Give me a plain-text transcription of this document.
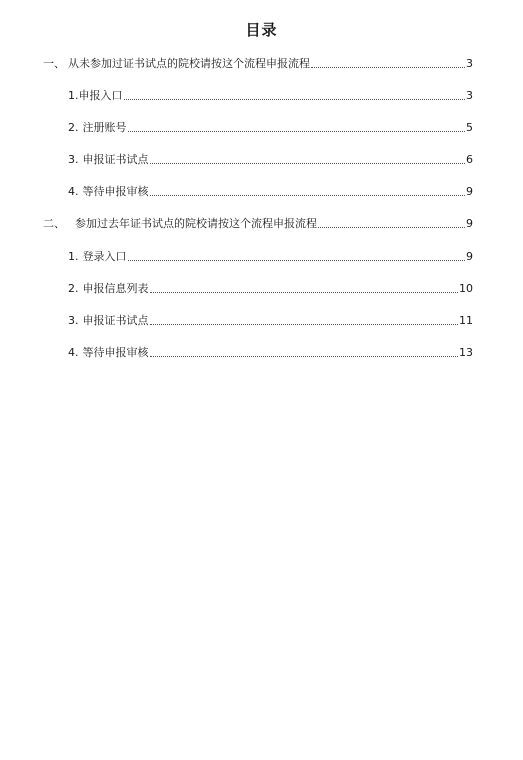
目录
一、 从未参加过证书试点的院校请按这个流程申报流程	3
1. 申报入口	3
2. 注册账号	5
3. 申报证书试点	6
4. 等待申报审核	9
二、 参加过去年证书试点的院校请按这个流程申报流程	9
1. 登录入口	9
2. 申报信息列表	10
3. 申报证书试点	11
4. 等待申报审核	13
